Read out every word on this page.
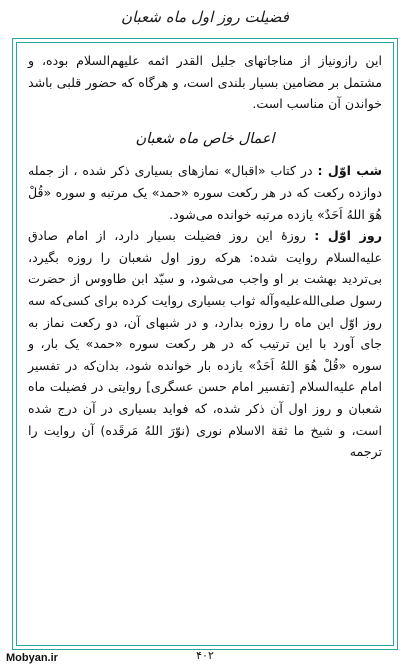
فضیلت روز اول ماه شعبان

این رازونیاز از مناجاتهای جلیل القدر ائمه علیهم‌السلام بوده، و مشتمل بر مضامین بسیار بلندی است، و هرگاه که حضور قلبی باشد خواندن آن مناسب است.

اعمال خاص ماه شعبان

شب اوّل : در کتاب «اقبال» نمازهای بسیاری ذکر شده ، از جمله دوازده رکعت که در هر رکعت سوره «حمد» یک مرتبه و سوره «قُلْ هُوَ اللهُ اَحَدٌ» یازده مرتبه خوانده می‌شود.

روز اوّل : روزهٔ این روز فضیلت بسیار دارد، از امام صادق علیه‌السلام روایت شده: هرکه روز اول شعبان را روزه بگیرد، بی‌تردید بهشت بر او واجب می‌شود، و سیّد ابن طاووس از حضرت رسول صلی‌الله‌علیه‌وآله ثواب بسیاری روایت کرده برای کسی‌که سه روز اوّل این ماه را روزه بدارد، و در شبهای آن، دو رکعت نماز به جای آورد با این ترتیب که در هر رکعت سوره «حمد» یک بار، و سوره «قُلْ هُوَ اللهُ اَحَدٌ» یازده بار خوانده شود، بدان‌که در تفسیر امام علیه‌السلام [تفسیر امام حسن عسگری] روایتی در فضیلت ماه شعبان و روز اول آن ذکر شده، که فواید بسیاری در آن درج شده است، و شیخ ما ثقة الاسلام نوری (نوّرَ اللهُ مَرقَده) آن روایت را ترجمه

Mobyan.ir	۴۰۲
